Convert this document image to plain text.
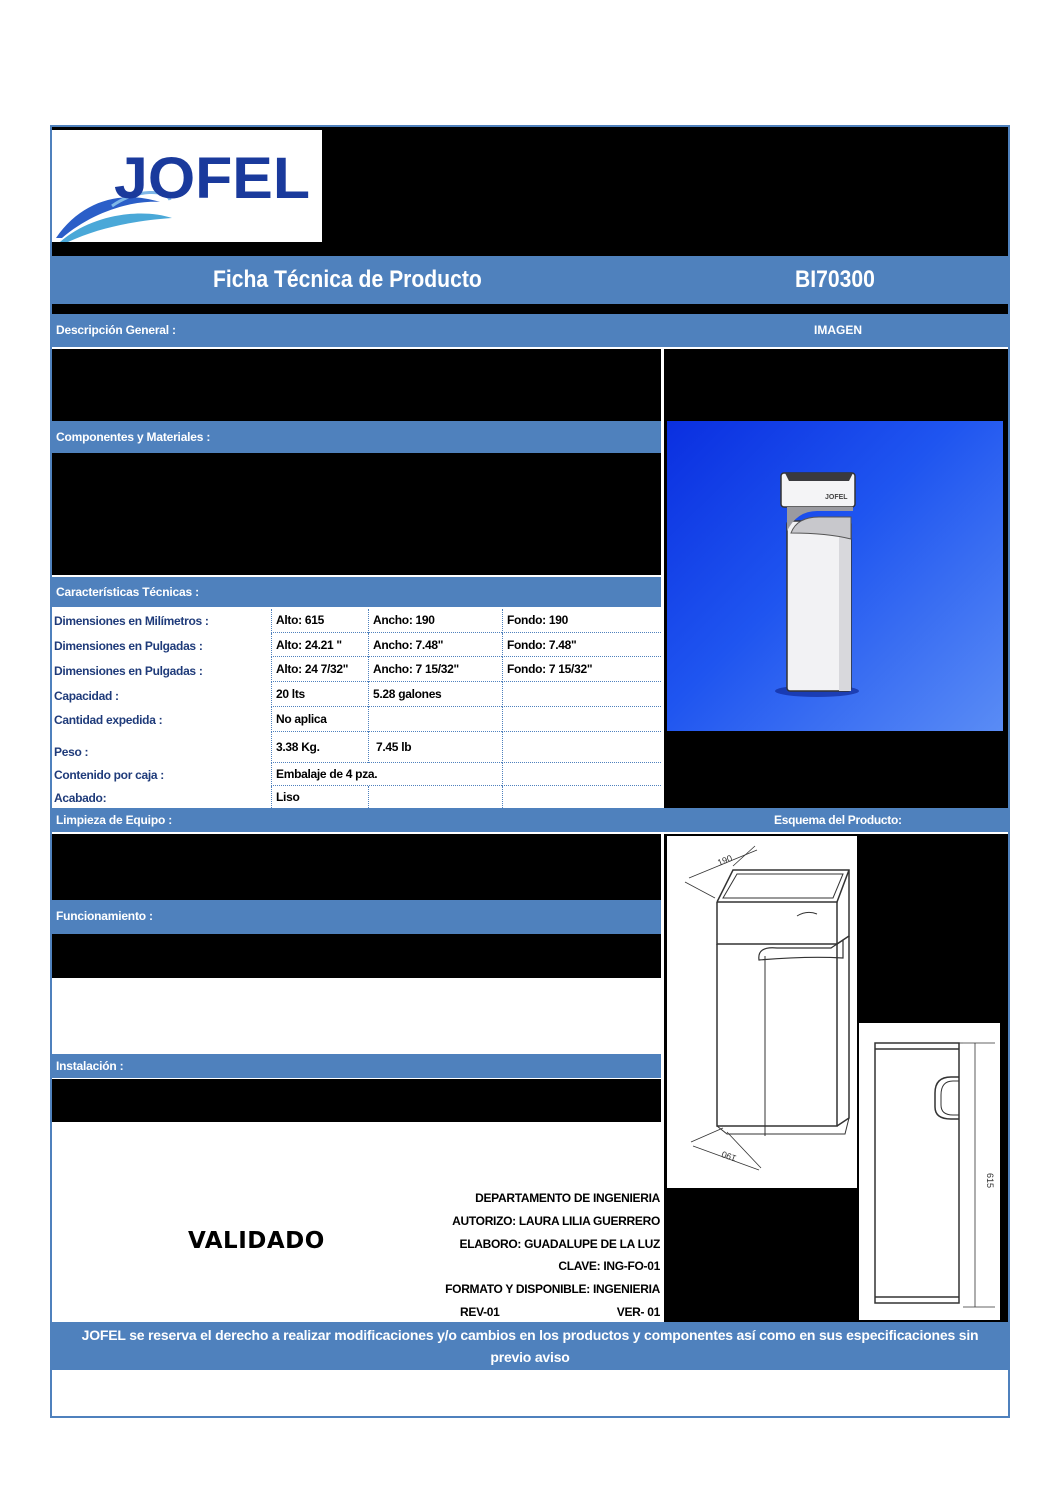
JOFEL
Ficha Técnica de Producto	BI70300
Descripción General :	IMAGEN
JOFEL
Componentes y Materiales :
Características Técnicas :
Dimensiones en Milímetros :	Alto: 615	Ancho: 190	Fondo: 190
Dimensiones en Pulgadas :	Alto: 24.21 "	Ancho: 7.48"	Fondo: 7.48"
Dimensiones en Pulgadas :	Alto: 24 7/32"	Ancho: 7 15/32"	Fondo: 7 15/32"
Capacidad :	20 lts	5.28 galones
Cantidad expedida :	No aplica
Peso :	3.38 Kg.	7.45 lb
Contenido por caja :	Embalaje de 4 pza.
Acabado:	Liso
Limpieza de Equipo :	Esquema del Producto:
Funcionamiento :
Instalación :
190
190
615
VALIDADO
DEPARTAMENTO DE INGENIERIA
AUTORIZO: LAURA LILIA GUERRERO
ELABORO: GUADALUPE DE LA LUZ
CLAVE: ING-FO-01
FORMATO Y DISPONIBLE: INGENIERIA
REV-01	VER- 01
JOFEL se reserva el derecho a realizar modificaciones y/o cambios en los productos y componentes así como en sus especificaciones sin previo aviso
